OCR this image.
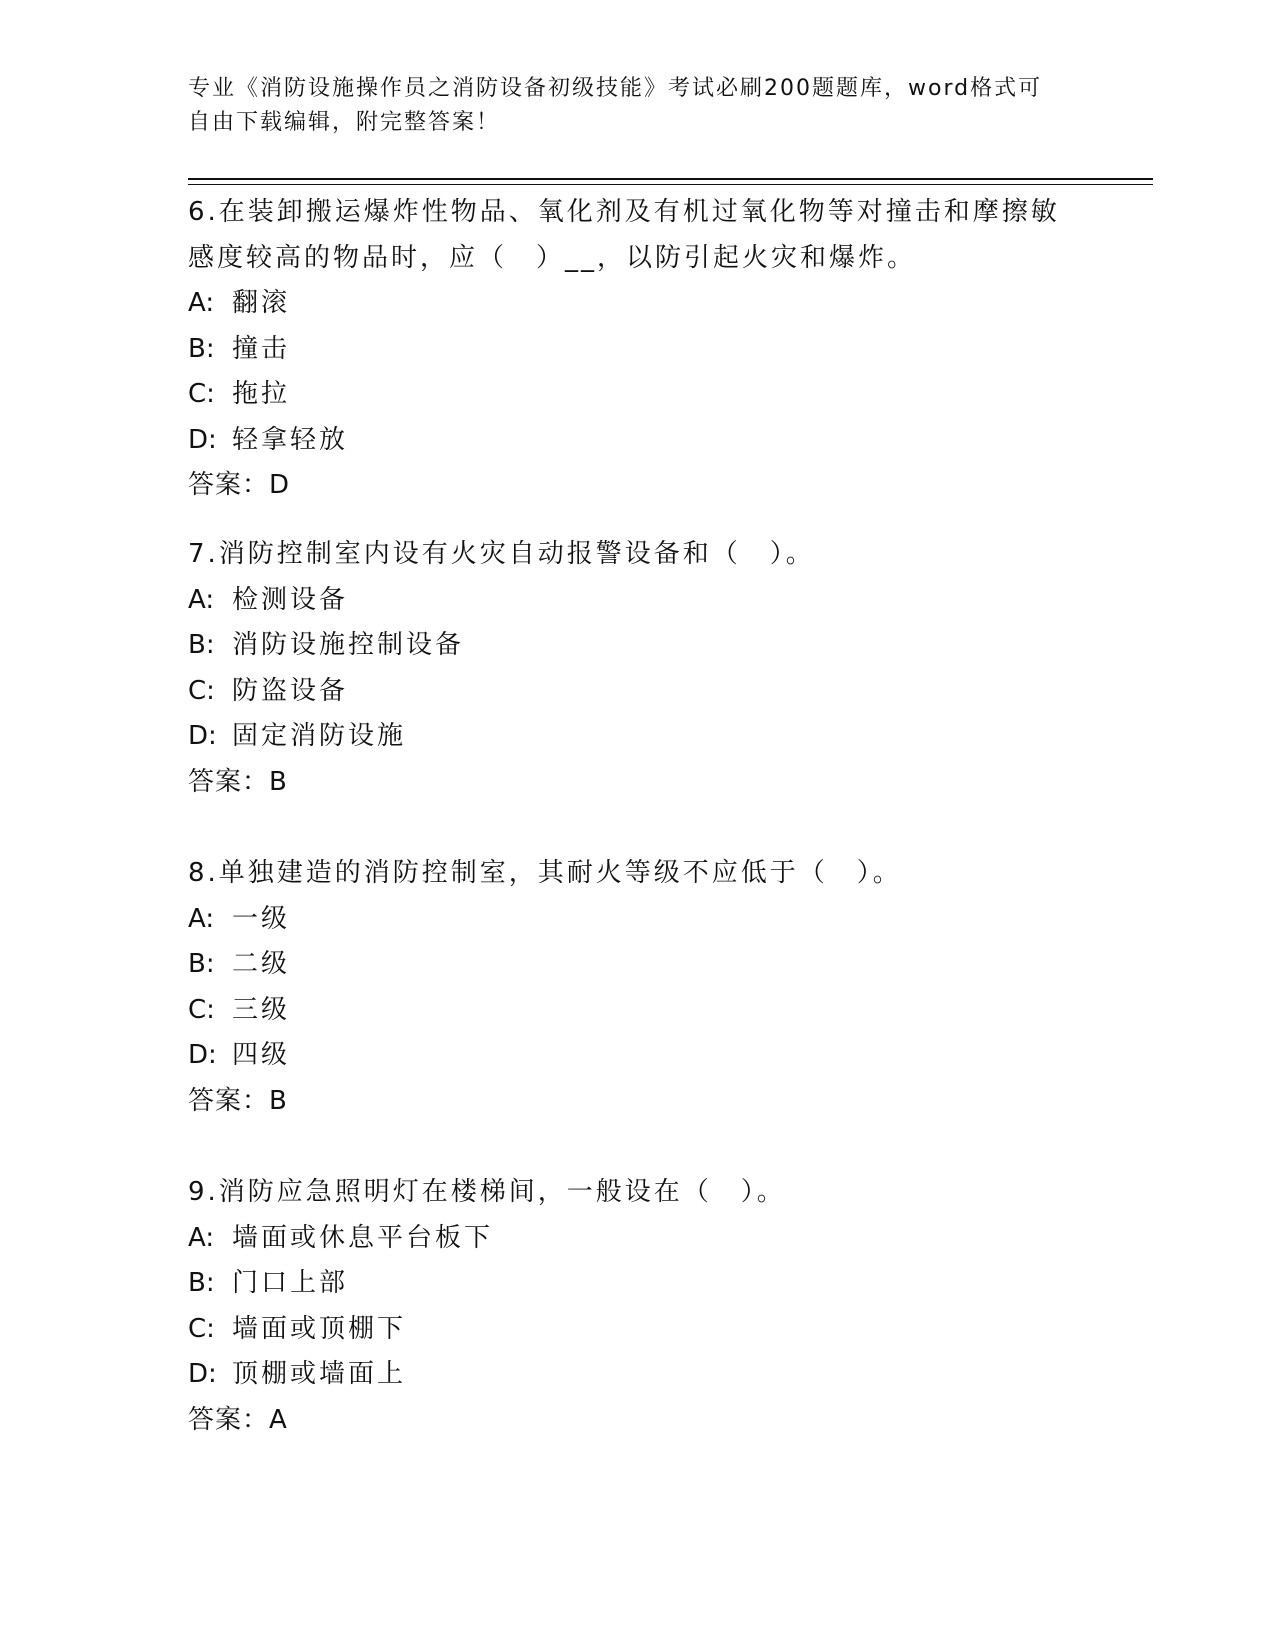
专业《消防设施操作员之消防设备初级技能》考试必刷200题题库，word格式可
自由下载编辑，附完整答案！
6.在装卸搬运爆炸性物品、氧化剂及有机过氧化物等对撞击和摩擦敏
感度较高的物品时，应（　）__，以防引起火灾和爆炸。
A: 翻滚
B: 撞击
C: 拖拉
D: 轻拿轻放
答案：D
7.消防控制室内设有火灾自动报警设备和（　）。
A: 检测设备
B: 消防设施控制设备
C: 防盗设备
D: 固定消防设施
答案：B
8.单独建造的消防控制室，其耐火等级不应低于（　）。
A: 一级
B: 二级
C: 三级
D: 四级
答案：B
9.消防应急照明灯在楼梯间，一般设在（　）。
A: 墙面或休息平台板下
B: 门口上部
C: 墙面或顶棚下
D: 顶棚或墙面上
答案：A
